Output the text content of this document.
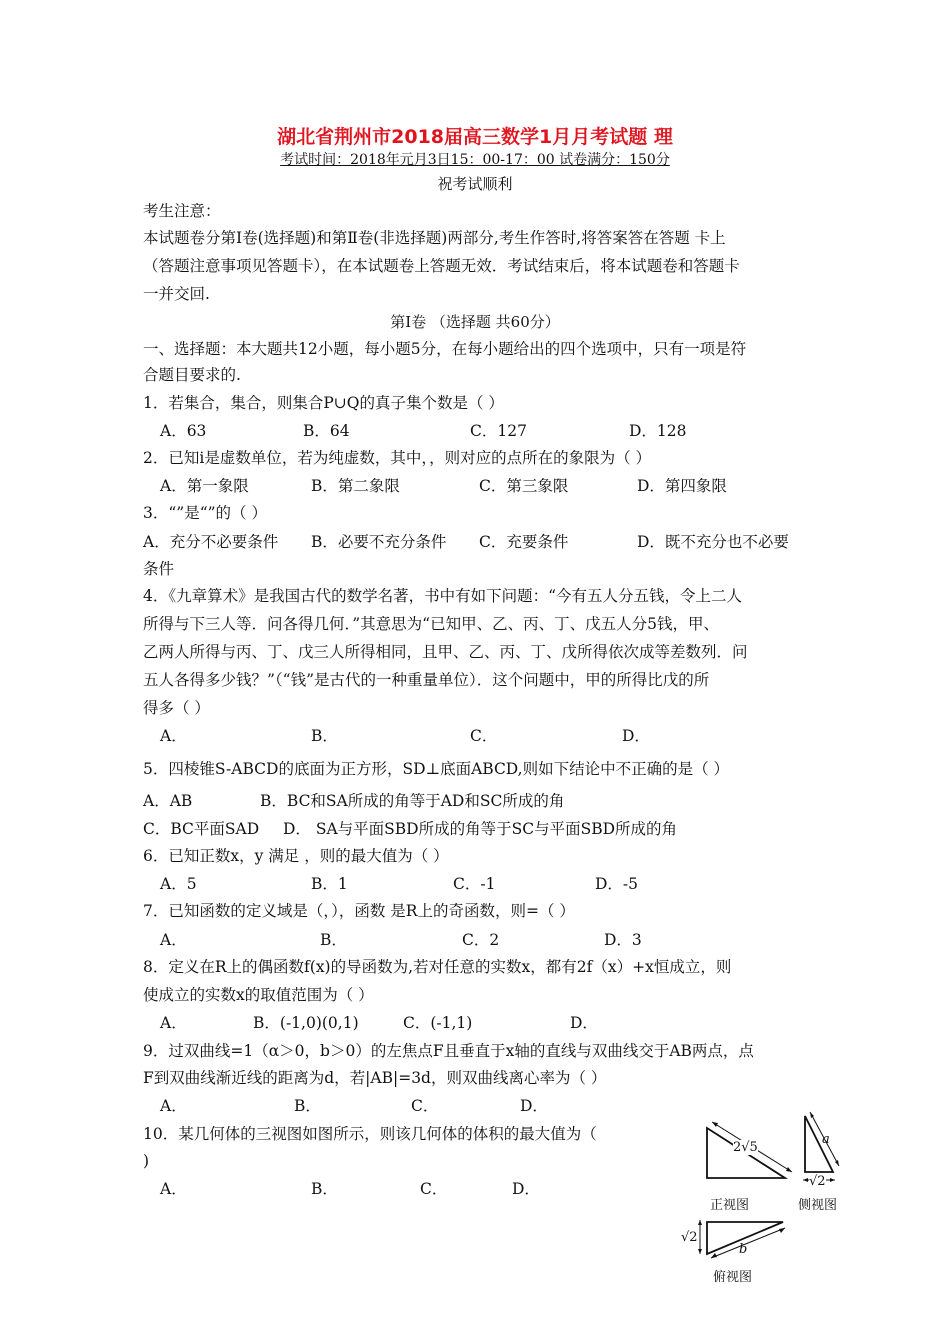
湖北省荆州市2018届高三数学1月月考试题 理
考试时间：2018年元月3日15：00-17：00 试卷满分：150分
祝考试顺利
考生注意：
本试题卷分第Ⅰ卷(选择题)和第Ⅱ卷(非选择题)两部分,考生作答时,将答案答在答题 卡上
（答题注意事项见答题卡），在本试题卷上答题无效．考试结束后，将本试题卷和答题卡
一并交回.
第Ⅰ卷 （选择题 共60分）
一、选择题：本大题共12小题，每小题5分，在每小题给出的四个选项中，只有一项是符
合题目要求的.
1．若集合，集合，则集合P∪Q的真子集个数是（ ）
A．63	B．64	C．127	D．128
2．已知i是虚数单位，若为纯虚数，其中，，则对应的点所在的象限为（ ）
A．第一象限	B．第二象限	C．第三象限	D．第四象限
3．“”是“”的（ ）
A．充分不必要条件 B．必要不充分条件 C．充要条件	D．既不充分也不必要
条件
4．《九章算术》是我国古代的数学名著，书中有如下问题：“今有五人分五钱，令上二人
所得与下三人等．问各得几何．”其意思为“已知甲、乙、丙、丁、戊五人分5钱，甲、
乙两人所得与丙、丁、戊三人所得相同，且甲、乙、丙、丁、戊所得依次成等差数列．问
五人各得多少钱？”（“钱”是古代的一种重量单位）．这个问题中，甲的所得比戊的所
得多（ ）
A．	B．	C．	D．
5．四棱锥S-ABCD的底面为正方形，SD⊥底面ABCD,则如下结论中不正确的是（ ）
A．AB	B．BC和SA所成的角等于AD和SC所成的角
C．BC平面SAD D． SA与平面SBD所成的角等于SC与平面SBD所成的角
6．已知正数x，y 满足 ，则的最大值为（ ）
A．5	B．1	C．-1	D．-5
7．已知函数的定义域是（，），函数 是R上的奇函数，则=（ ）
A．	B．	C．2	D．3
8．定义在R上的偶函数f(x)的导函数为,若对任意的实数x，都有2f（x）+x恒成立，则
使成立的实数x的取值范围为（ ）
A．	B．(-1,0)(0,1)	C．(-1,1)	D．
9．过双曲线=1（α＞0，b＞0）的左焦点F且垂直于x轴的直线与双曲线交于AB两点，点
F到双曲线渐近线的距离为d，若|AB|=3d，则双曲线离心率为（ ）
A．	B．	C．	D．
10．某几何体的三视图如图所示，则该几何体的体积的最大值为（
)
A．	B．	C．	D．
2√5
正视图
a
√2
侧视图
√2
b
俯视图
